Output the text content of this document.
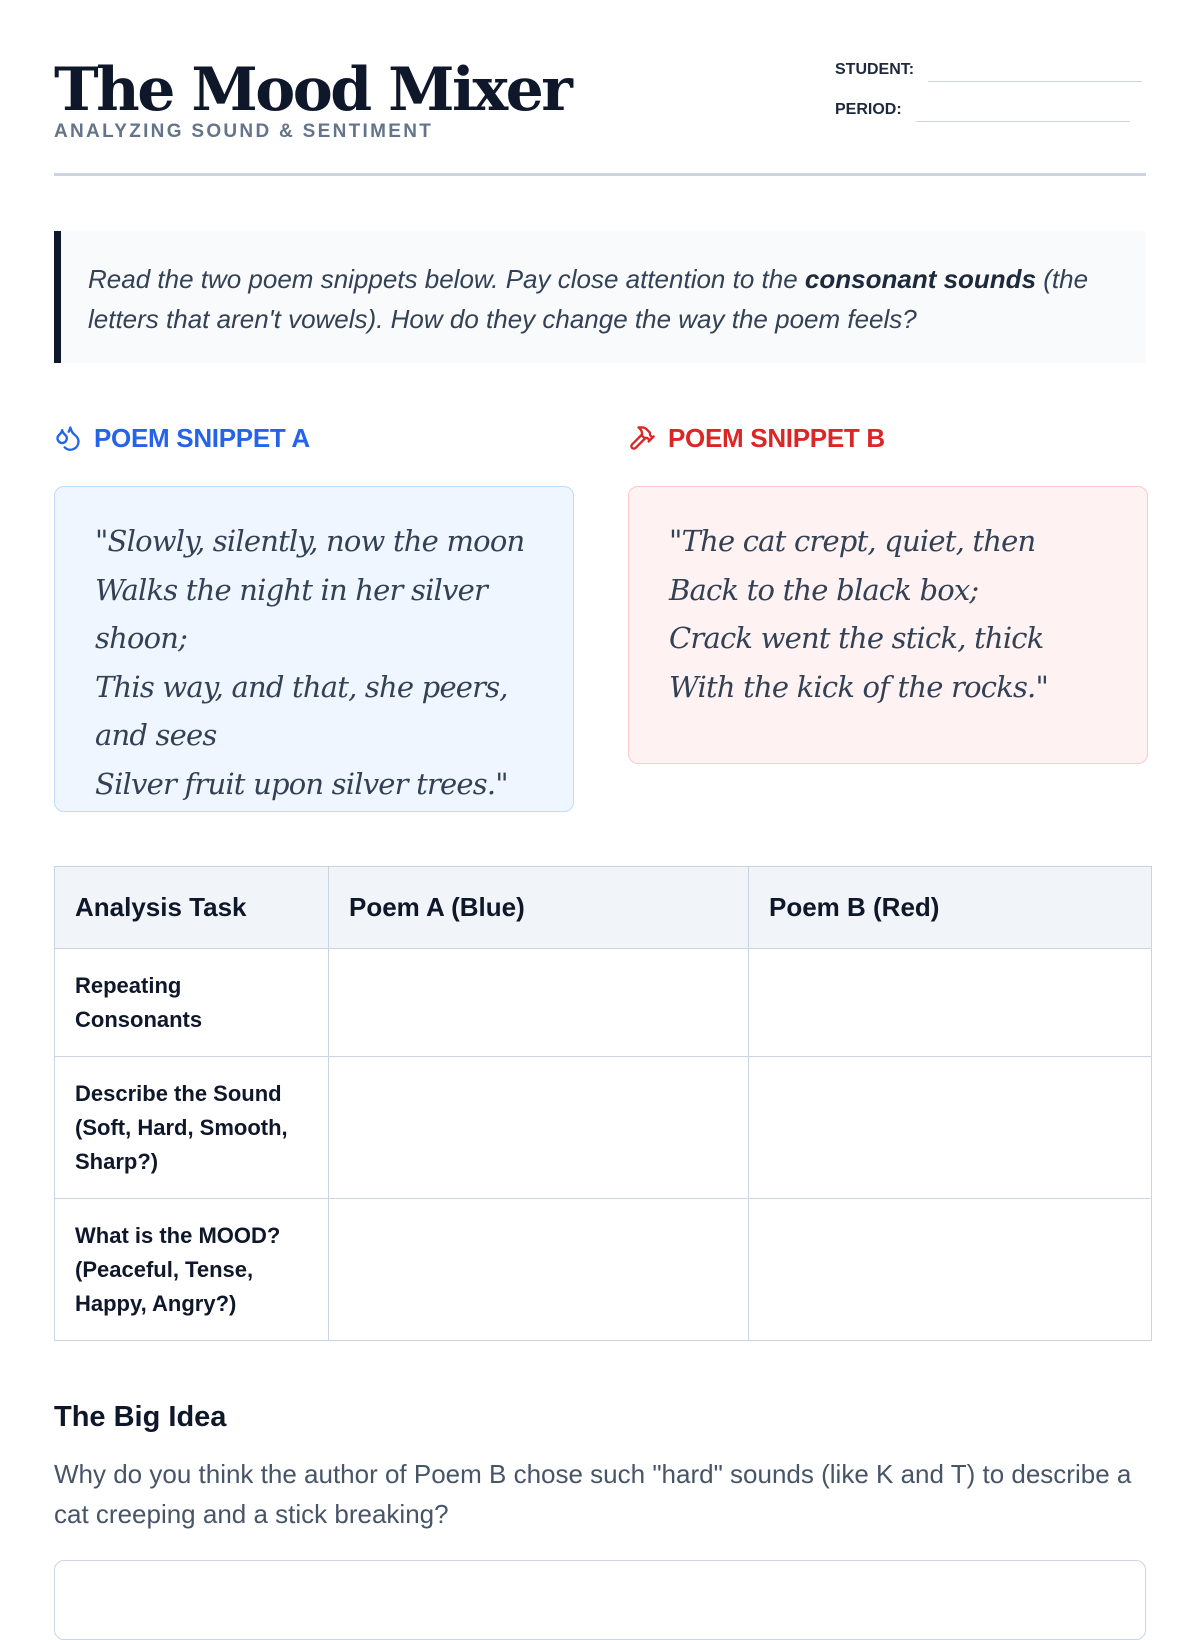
The Mood Mixer
ANALYZING SOUND & SENTIMENT
STUDENT:
PERIOD:
Read the two poem snippets below. Pay close attention to the consonant sounds (the letters that aren't vowels). How do they change the way the poem feels?
POEM SNIPPET A	POEM SNIPPET B
"Slowly, silently, now the moon
Walks the night in her silver shoon;
This way, and that, she peers, and sees
Silver fruit upon silver trees."
"The cat crept, quiet, then
Back to the black box;
Crack went the stick, thick
With the kick of the rocks."
Analysis Task	Poem A (Blue)	Poem B (Red)
Repeating Consonants		
Describe the Sound (Soft, Hard, Smooth, Sharp?)		
What is the MOOD? (Peaceful, Tense, Happy, Angry?)		
The Big Idea

Why do you think the author of Poem B chose such "hard" sounds (like K and T) to describe a cat creeping and a stick breaking?
